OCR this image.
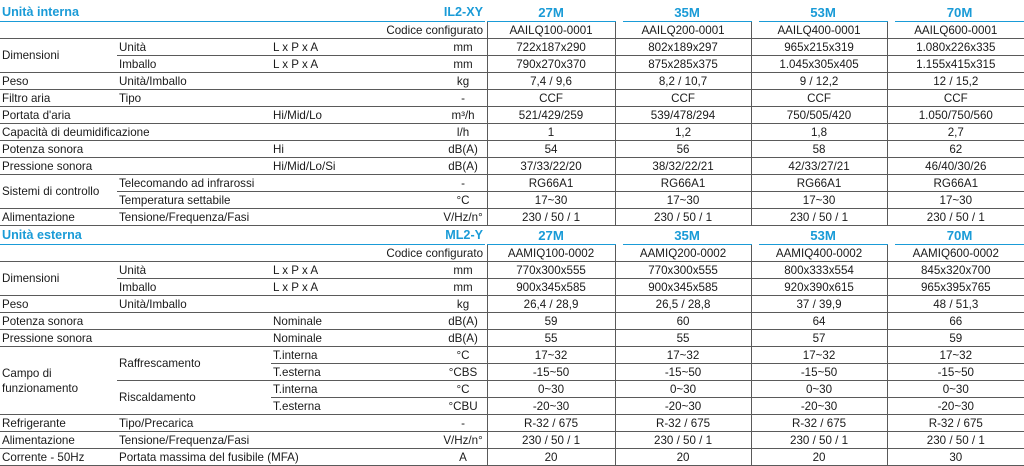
Unità interna			IL2-XY		27M		35M		53M		70M
Codice configurato					AAILQ100-0001	AAILQ200-0001		AAILQ400-0001		AAILQ600-0001	
Dimensioni	Unità	L x P x A	mm		722x187x290	802x189x297		965x215x319		1.080x226x335	
	Imballo	L x P x A	mm		790x270x370	875x285x375		1.045x305x405		1.155x415x315	
Peso	Unità/Imballo		kg		7,4 / 9,6	8,2 / 10,7		9 / 12,2		12 / 15,2	
Filtro aria	Tipo		-		CCF	CCF		CCF		CCF	
Portata d'aria		Hi/Mid/Lo	m³/h		521/429/259	539/478/294		750/505/420		1.050/750/560	
Capacità di deumidificazione			l/h		1	1,2		1,8		2,7	
Potenza sonora		Hi	dB(A)		54	56		58		62	
Pressione sonora		Hi/Mid/Lo/Si	dB(A)		37/33/22/20	38/32/22/21		42/33/27/21		46/40/30/26	
Sistemi di controllo	Telecomando ad infrarossi		-		RG66A1	RG66A1		RG66A1		RG66A1	
	Temperatura settabile		°C		17~30	17~30		17~30		17~30	
Alimentazione	Tensione/Frequenza/Fasi		V/Hz/n°		230 / 50 / 1	230 / 50 / 1		230 / 50 / 1		230 / 50 / 1	
Unità esterna			ML2-Y		27M		35M		53M		70M
Codice configurato					AAMIQ100-0002	AAMIQ200-0002		AAMIQ400-0002		AAMIQ600-0002	
Dimensioni	Unità	L x P x A	mm		770x300x555	770x300x555		800x333x554		845x320x700	
	Imballo	L x P x A	mm		900x345x585	900x345x585		920x390x615		965x395x765	
Peso	Unità/Imballo		kg		26,4 / 28,9	26,5 / 28,8		37 / 39,9		48 / 51,3	
Potenza sonora		Nominale	dB(A)		59	60		64		66	
Pressione sonora		Nominale	dB(A)		55	55		57		59	
Campo di
funzionamento	Raffrescamento	T.interna	°C		17~32	17~32		17~32		17~32	
		T.esterna	°CBS		-15~50	-15~50		-15~50		-15~50	
	Riscaldamento	T.interna	°C		0~30	0~30		0~30		0~30	
		T.esterna	°CBU		-20~30	-20~30		-20~30		-20~30	
Refrigerante	Tipo/Precarica		-		R-32 / 675	R-32 / 675		R-32 / 675		R-32 / 675	
Alimentazione	Tensione/Frequenza/Fasi		V/Hz/n°		230 / 50 / 1	230 / 50 / 1		230 / 50 / 1		230 / 50 / 1	
Corrente - 50Hz	Portata massima del fusibile (MFA)		A		20	20		20		30	
